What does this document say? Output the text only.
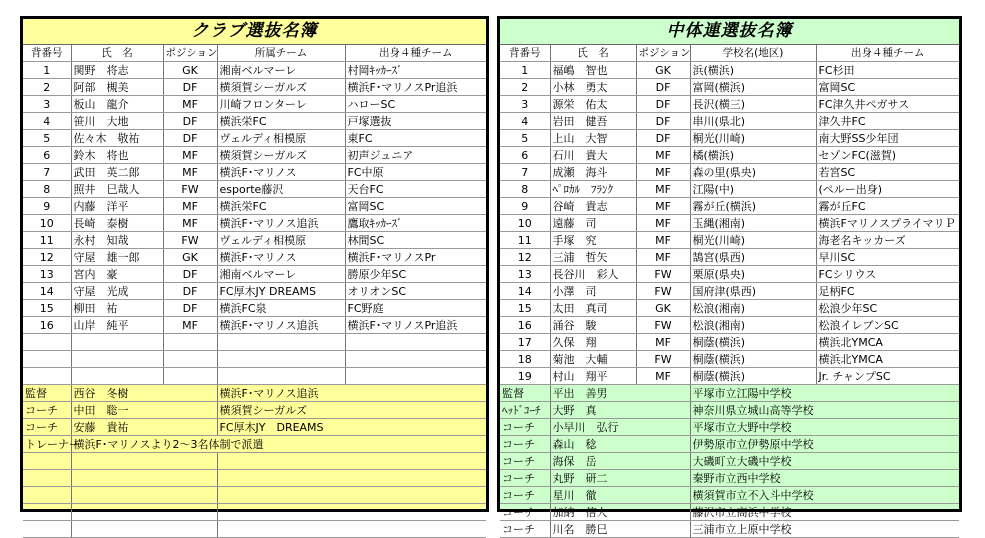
クラブ選抜名簿
背番号	氏　名	ポジション	所属チーム	出身４種チーム
1	関野　将志	GK	湘南ベルマーレ	村岡ｷｯｶｰｽﾞ
2	阿部　槻美	DF	横須賀シーガルズ	横浜F･マリノスPr追浜
3	板山　龍介	MF	川崎フロンターレ	ハローSC
4	笹川　大地	DF	横浜栄FC	戸塚選抜
5	佐々木　敬祐	DF	ヴェルディ相模原	東FC
6	鈴木　将也	MF	横須賀シーガルズ	初声ジュニア
7	武田　英二郎	MF	横浜F･マリノス	FC中原
8	照井　巳哉人	FW	esporte藤沢	天台FC
9	内藤　洋平	MF	横浜栄FC	富岡SC
10	長崎　泰樹	MF	横浜F･マリノス追浜	鷹取ｷｯｶｰｽﾞ
11	永村　知哉	FW	ヴェルディ相模原	林間SC
12	守屋　雄一郎	GK	横浜F･マリノス	横浜F･マリノスPr
13	宮内　豪	DF	湘南ベルマーレ	勝原少年SC
14	守屋　光成	DF	FC厚木JY DREAMS	オリオンSC
15	柳田　祐	DF	横浜FC泉	FC野庭
16	山岸　純平	MF	横浜F･マリノス追浜	横浜F･マリノスPr追浜

監督	西谷　冬樹	横浜F･マリノス追浜
コーチ	中田　聡一	横須賀シーガルズ
コーチ	安藤　貴祐	FC厚木JY　DREAMS
トレーナー	横浜F･マリノスより2～3名体制で派遣	

中体連選抜名簿
背番号	氏　名	ポジション	学校名(地区)	出身４種チーム
1	福嶋　智也	GK	浜(横浜)	FC杉田
2	小林　勇太	DF	富岡(横浜)	富岡SC
3	源栄　佑太	DF	長沢(横三)	FC津久井ペガサス
4	岩田　健吾	DF	串川(県北)	津久井FC
5	上山　大智	DF	桐光(川崎)	南大野SS少年団
6	石川　貴大	MF	橘(横浜)	セゾンFC(滋賀)
7	成瀬　海斗	MF	森の里(県央)	若宮SC
8	ﾍﾟﾛｶﾙ　ﾌﾗﾝｸ	MF	江陽(中)	(ペルー出身)
9	谷崎　貴志	MF	霧が丘(横浜)	霧が丘FC
10	遠藤　司	MF	玉縄(湘南)	横浜FマリノスプライマリＰ
11	手塚　究	MF	桐光(川崎)	海老名キッカーズ
12	三浦　哲矢	MF	鵠宮(県西)	早川SC
13	長谷川　彩人	FW	栗原(県央)	FCシリウス
14	小澤　司	FW	国府津(県西)	足柄FC
15	太田　真司	GK	松浪(湘南)	松浪少年SC
16	涌谷　駿	FW	松浪(湘南)	松浪イレブンSC
17	久保　翔	MF	桐蔭(横浜)	横浜北YMCA
18	菊池　大輔	FW	桐蔭(横浜)	横浜北YMCA
19	村山　翔平	MF	桐蔭(横浜)	Jr. チャンプSC
監督	平出　善男	平塚市立江陽中学校
ﾍｯﾄﾞｺｰﾁ	大野　真	神奈川県立城山高等学校
コーチ	小早川　弘行	平塚市立大野中学校
コーチ	森山　稔	伊勢原市立伊勢原中学校
コーチ	海保　岳	大磯町立大磯中学校
コーチ	丸野　研二	秦野市立西中学校
コーチ	星川　徹	横須賀市立不入斗中学校
コーチ	加納　信人	藤沢市立高浜中学校
コーチ	川名　勝巳	三浦市立上原中学校
